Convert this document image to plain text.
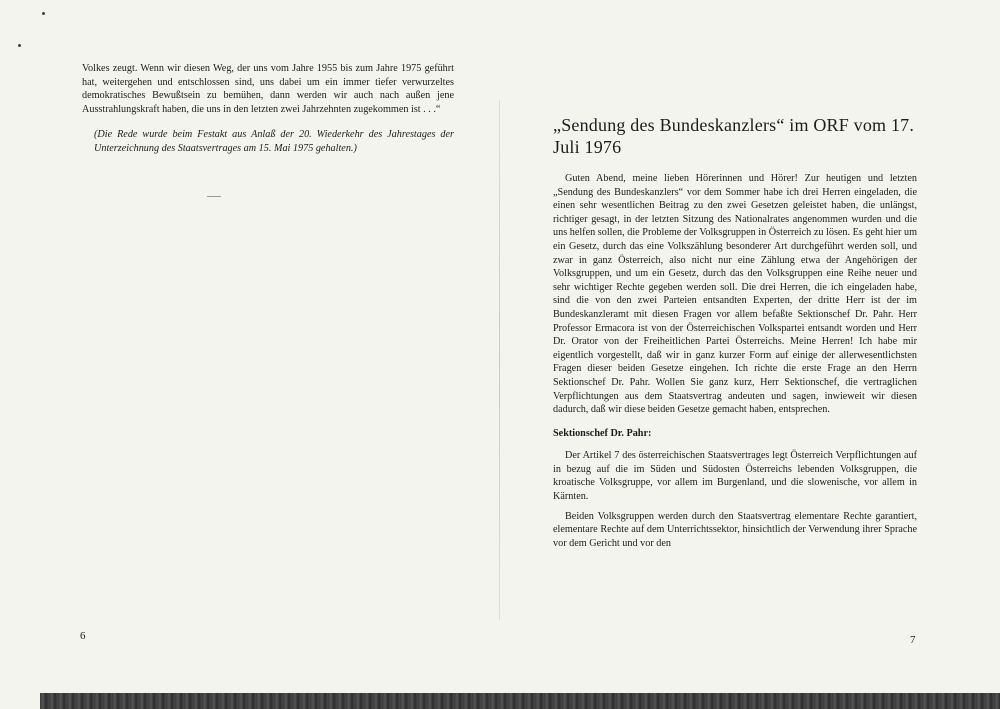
Volkes zeugt. Wenn wir diesen Weg, der uns vom Jahre 1955 bis zum Jahre 1975 geführt hat, weitergehen und entschlossen sind, uns dabei um ein immer tiefer verwurzeltes demokratisches Bewußtsein zu bemühen, dann werden wir auch nach außen jene Ausstrahlungskraft haben, die uns in den letzten zwei Jahrzehnten zugekommen ist . . .“

(Die Rede wurde beim Festakt aus Anlaß der 20. Wiederkehr des Jahrestages der Unterzeichnung des Staatsvertrages am 15. Mai 1975 gehalten.)

6
„Sendung des Bundeskanzlers“ im ORF vom 17. Juli 1976

Guten Abend, meine lieben Hörerinnen und Hörer! Zur heutigen und letzten „Sendung des Bundeskanzlers“ vor dem Sommer habe ich drei Herren eingeladen, die einen sehr wesentlichen Beitrag zu den zwei Gesetzen geleistet haben, die unlängst, richtiger gesagt, in der letzten Sitzung des Nationalrates angenommen wurden und die uns helfen sollen, die Probleme der Volksgruppen in Österreich zu lösen. Es geht hier um ein Gesetz, durch das eine Volkszählung besonderer Art durchgeführt werden soll, und zwar in ganz Österreich, also nicht nur eine Zählung etwa der Angehörigen der Volksgruppen, und um ein Gesetz, durch das den Volksgruppen eine Reihe neuer und sehr wichtiger Rechte gegeben werden soll. Die drei Herren, die ich eingeladen habe, sind die von den zwei Parteien entsandten Experten, der dritte Herr ist der im Bundeskanzleramt mit diesen Fragen vor allem befaßte Sektionschef Dr. Pahr. Herr Professor Ermacora ist von der Österreichischen Volkspartei entsandt worden und Herr Dr. Orator von der Freiheitlichen Partei Österreichs. Meine Herren! Ich habe mir eigentlich vorgestellt, daß wir in ganz kurzer Form auf einige der allerwesentlichsten Fragen dieser beiden Gesetze eingehen. Ich richte die erste Frage an den Herrn Sektionschef Dr. Pahr. Wollen Sie ganz kurz, Herr Sektionschef, die vertraglichen Verpflichtungen aus dem Staatsvertrag andeuten und sagen, inwieweit wir diesen dadurch, daß wir diese beiden Gesetze gemacht haben, entsprechen.

Sektionschef Dr. Pahr:

Der Artikel 7 des österreichischen Staatsvertrages legt Österreich Verpflichtungen auf in bezug auf die im Süden und Südosten Österreichs lebenden Volksgruppen, die kroatische Volksgruppe, vor allem im Burgenland, und die slowenische, vor allem in Kärnten.

Beiden Volksgruppen werden durch den Staatsvertrag elementare Rechte garantiert, elementare Rechte auf dem Unterrichtssektor, hinsichtlich der Verwendung ihrer Sprache vor dem Gericht und vor den

7
